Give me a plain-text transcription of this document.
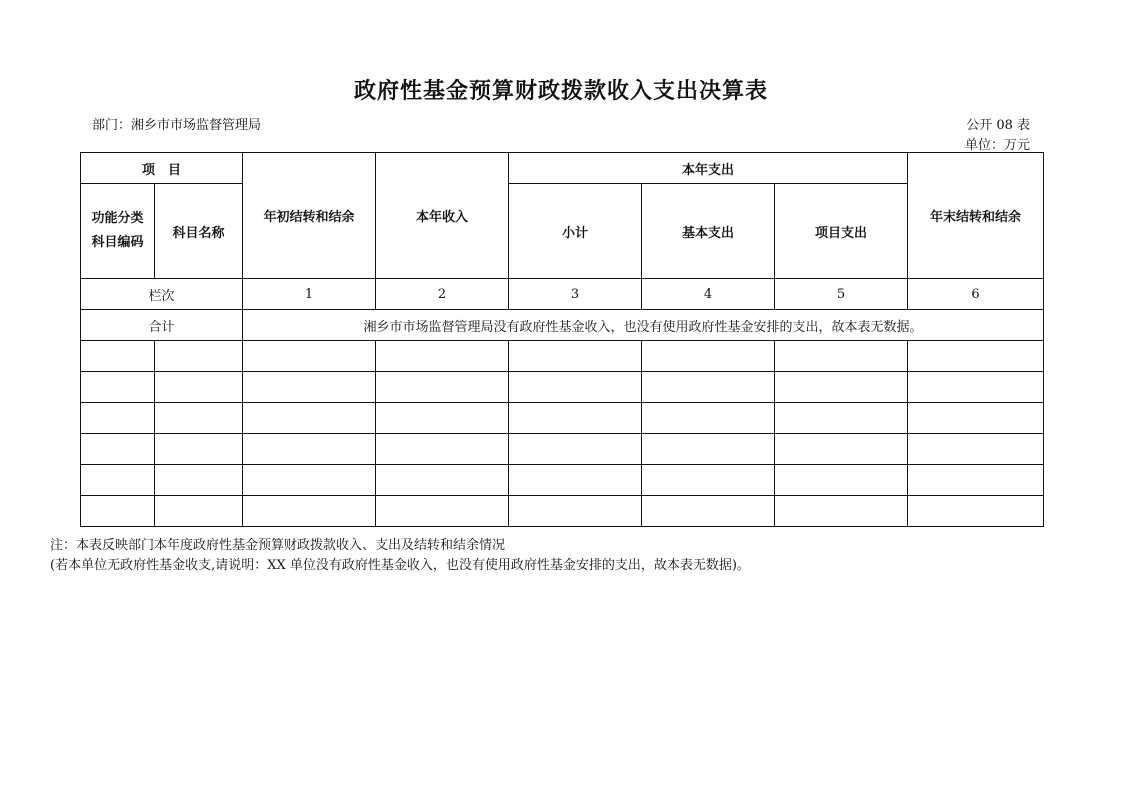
政府性基金预算财政拨款收入支出决算表
部门：湘乡市市场监督管理局	公开 08 表
单位：万元
项　目		年初结转和结余	本年收入	本年支出			年末结转和结余
功能分类科目编码	科目名称			小计	基本支出	项目支出	
栏次		1	2	3	4	5	6
合计		湘乡市市场监督管理局没有政府性基金收入，也没有使用政府性基金安排的支出，故本表无数据。					

注：本表反映部门本年度政府性基金预算财政拨款收入、支出及结转和结余情况
(若本单位无政府性基金收支,请说明：XX 单位没有政府性基金收入，也没有使用政府性基金安排的支出，故本表无数据)。
